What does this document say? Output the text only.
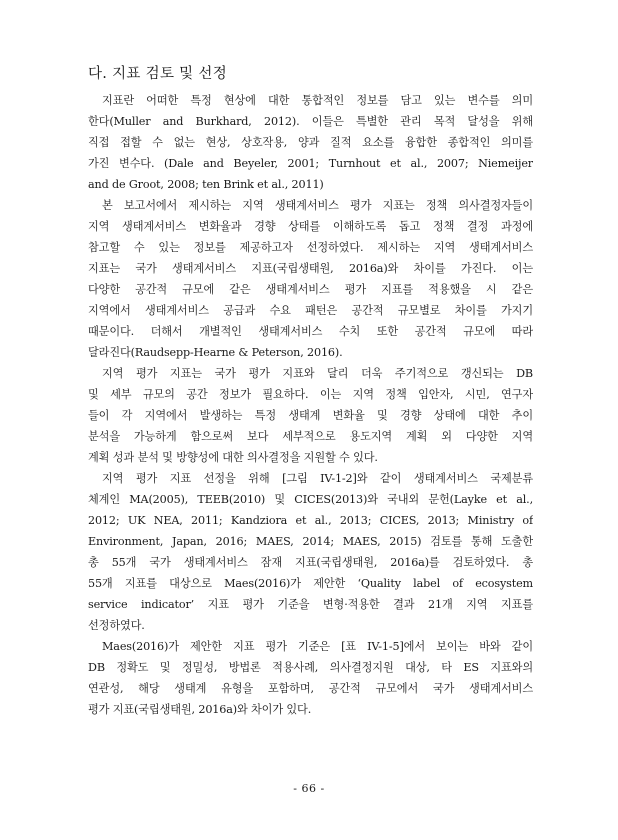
다. 지표 검토 및 선정

지표란 어떠한 특정 현상에 대한 통합적인 정보를 담고 있는 변수를 의미
한다(Muller and Burkhard, 2012). 이들은 특별한 관리 목적 달성을 위해
직접 접할 수 없는 현상, 상호작용, 양과 질적 요소를 융합한 종합적인 의미를
가진 변수다. (Dale and Beyeler, 2001; Turnhout et al., 2007; Niemeijer
and de Groot, 2008; ten Brink et al., 2011)

본 보고서에서 제시하는 지역 생태계서비스 평가 지표는 정책 의사결정자들이
지역 생태계서비스 변화율과 경향 상태를 이해하도록 돕고 정책 결정 과정에
참고할 수 있는 정보를 제공하고자 선정하였다. 제시하는 지역 생태계서비스
지표는 국가 생태계서비스 지표(국립생태원, 2016a)와 차이를 가진다. 이는
다양한 공간적 규모에 같은 생태계서비스 평가 지표를 적용했을 시 같은
지역에서 생태계서비스 공급과 수요 패턴은 공간적 규모별로 차이를 가지기
때문이다. 더해서 개별적인 생태계서비스 수치 또한 공간적 규모에 따라
달라진다(Raudsepp-Hearne & Peterson, 2016).

지역 평가 지표는 국가 평가 지표와 달리 더욱 주기적으로 갱신되는 DB
및 세부 규모의 공간 정보가 필요하다. 이는 지역 정책 입안자, 시민, 연구자
들이 각 지역에서 발생하는 특정 생태계 변화율 및 경향 상태에 대한 추이
분석을 가능하게 함으로써 보다 세부적으로 용도지역 계획 외 다양한 지역
계획 성과 분석 및 방향성에 대한 의사결정을 지원할 수 있다.

지역 평가 지표 선정을 위해 [그림 IV-1-2]와 같이 생태계서비스 국제분류
체계인 MA(2005), TEEB(2010) 및 CICES(2013)와 국내외 문헌(Layke et al.,
2012; UK NEA, 2011; Kandziora et al., 2013; CICES, 2013; Ministry of
Environment, Japan, 2016; MAES, 2014; MAES, 2015) 검토를 통해 도출한
총 55개 국가 생태계서비스 잠재 지표(국립생태원, 2016a)를 검토하였다. 총
55개 지표를 대상으로 Maes(2016)가 제안한 ‘Quality label of ecosystem
service indicator’ 지표 평가 기준을 변형·적용한 결과 21개 지역 지표를
선정하였다.

Maes(2016)가 제안한 지표 평가 기준은 [표 IV-1-5]에서 보이는 바와 같이
DB 정확도 및 정밀성, 방법론 적용사례, 의사결정지원 대상, 타 ES 지표와의
연관성, 해당 생태계 유형을 포함하며, 공간적 규모에서 국가 생태계서비스
평가 지표(국립생태원, 2016a)와 차이가 있다.

- 66 -
